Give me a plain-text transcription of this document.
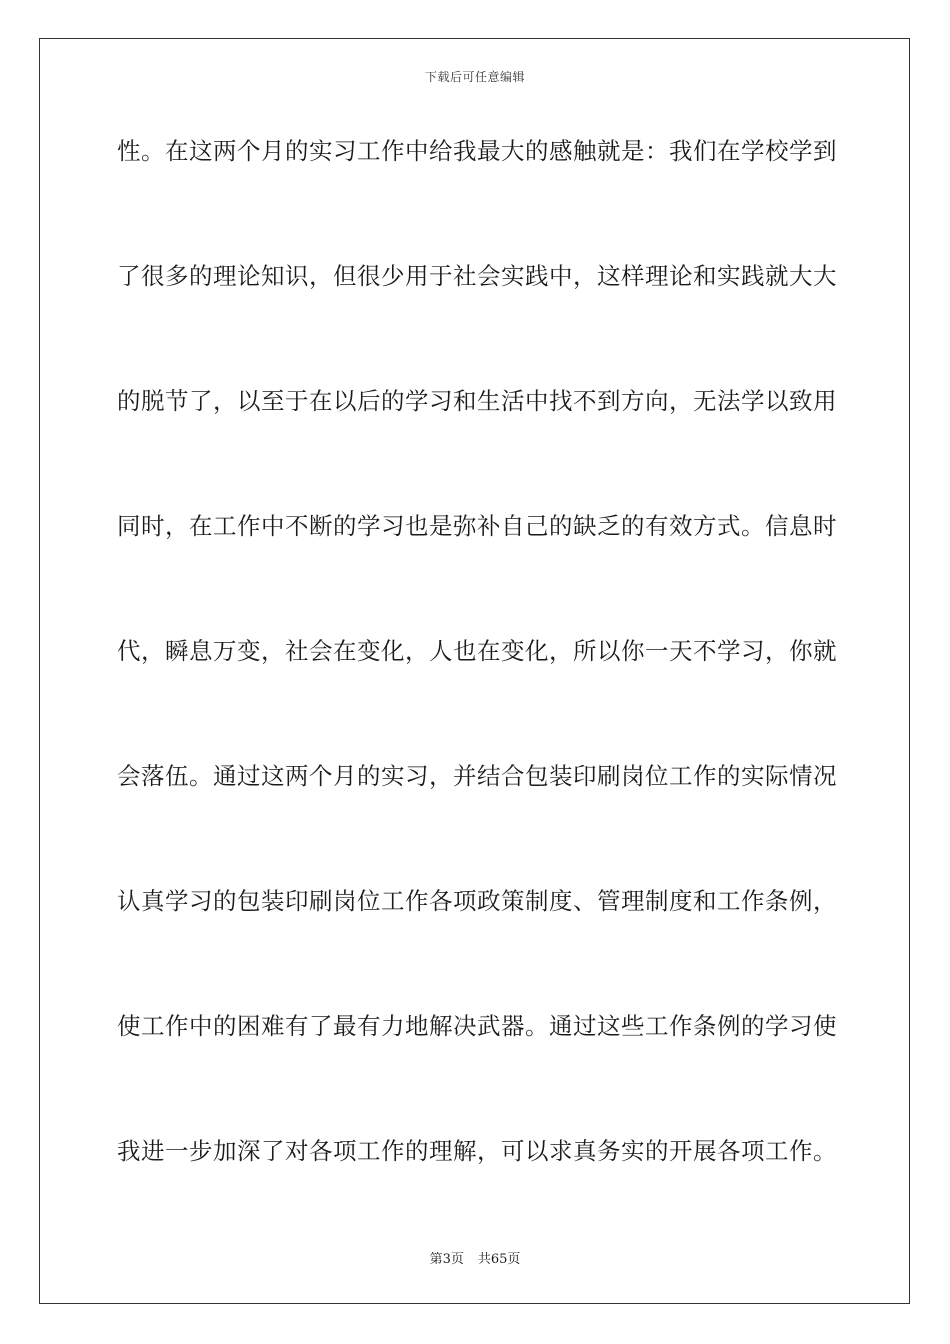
下载后可任意编辑
性。在这两个月的实习工作中给我最大的感触就是：我们在学校学到
了很多的理论知识，但很少用于社会实践中，这样理论和实践就大大
的脱节了，以至于在以后的学习和生活中找不到方向，无法学以致用
同时，在工作中不断的学习也是弥补自己的缺乏的有效方式。信息时
代，瞬息万变，社会在变化，人也在变化，所以你一天不学习，你就
会落伍。通过这两个月的实习，并结合包装印刷岗位工作的实际情况
认真学习的包装印刷岗位工作各项政策制度、管理制度和工作条例，
使工作中的困难有了最有力地解决武器。通过这些工作条例的学习使
我进一步加深了对各项工作的理解，可以求真务实的开展各项工作。
第3页 共65页
